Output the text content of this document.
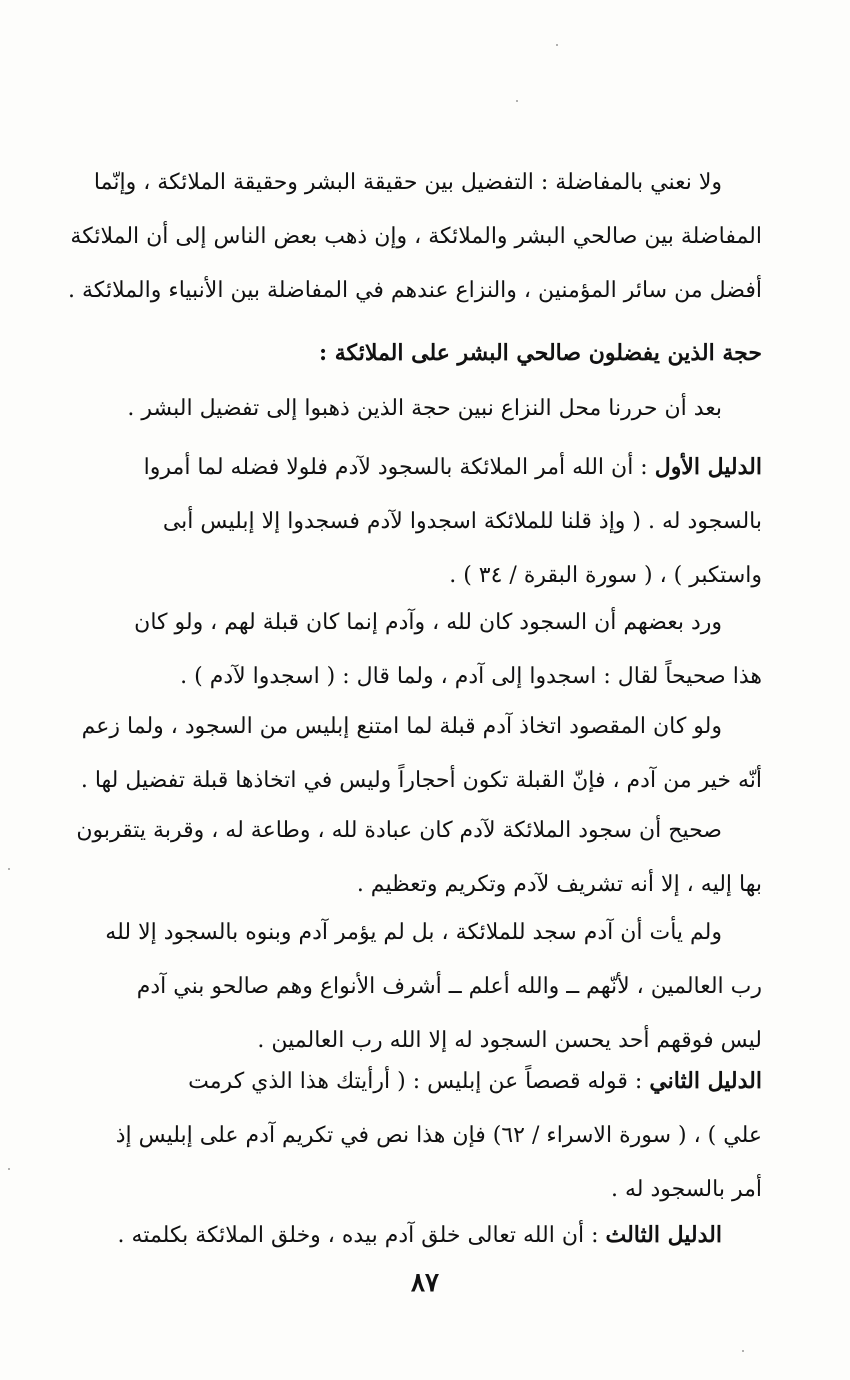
ولا نعني بالمفاضلة : التفضيل بين حقيقة البشر وحقيقة الملائكة ، وإنّما
المفاضلة بين صالحي البشر والملائكة ، وإن ذهب بعض الناس إلى أن الملائكة
أفضل من سائر المؤمنين ، والنزاع عندهم في المفاضلة بين الأنبياء والملائكة .
حجة الذين يفضلون صالحي البشر على الملائكة :
بعد أن حررنا محل النزاع نبين حجة الذين ذهبوا إلى تفضيل البشر .
الدليل الأول : أن الله أمر الملائكة بالسجود لآدم فلولا فضله لما أمروا
بالسجود له . ( وإذ قلنا للملائكة اسجدوا لآدم فسجدوا إلا إبليس أبى
واستكبر ) ، ( سورة البقرة / ٣٤ ) .
ورد بعضهم أن السجود كان لله ، وآدم إنما كان قبلة لهم ، ولو كان
هذا صحيحاً لقال : اسجدوا إلى آدم ، ولما قال : ( اسجدوا لآدم ) .
ولو كان المقصود اتخاذ آدم قبلة لما امتنع إبليس من السجود ، ولما زعم
أنّه خير من آدم ، فإنّ القبلة تكون أحجاراً وليس في اتخاذها قبلة تفضيل لها .
صحيح أن سجود الملائكة لآدم كان عبادة لله ، وطاعة له ، وقربة يتقربون
بها إليه ، إلا أنه تشريف لآدم وتكريم وتعظيم .
ولم يأت أن آدم سجد للملائكة ، بل لم يؤمر آدم وبنوه بالسجود إلا لله
رب العالمين ، لأنّهم ــ والله أعلم ــ أشرف الأنواع وهم صالحو بني آدم
ليس فوقهم أحد يحسن السجود له إلا الله رب العالمين .
الدليل الثاني : قوله قصصاً عن إبليس : ( أرأيتك هذا الذي كرمت
علي ) ، ( سورة الاسراء / ٦٢) فإن هذا نص في تكريم آدم على إبليس إذ
أمر بالسجود له .
الدليل الثالث : أن الله تعالى خلق آدم بيده ، وخلق الملائكة بكلمته .
٨٧
